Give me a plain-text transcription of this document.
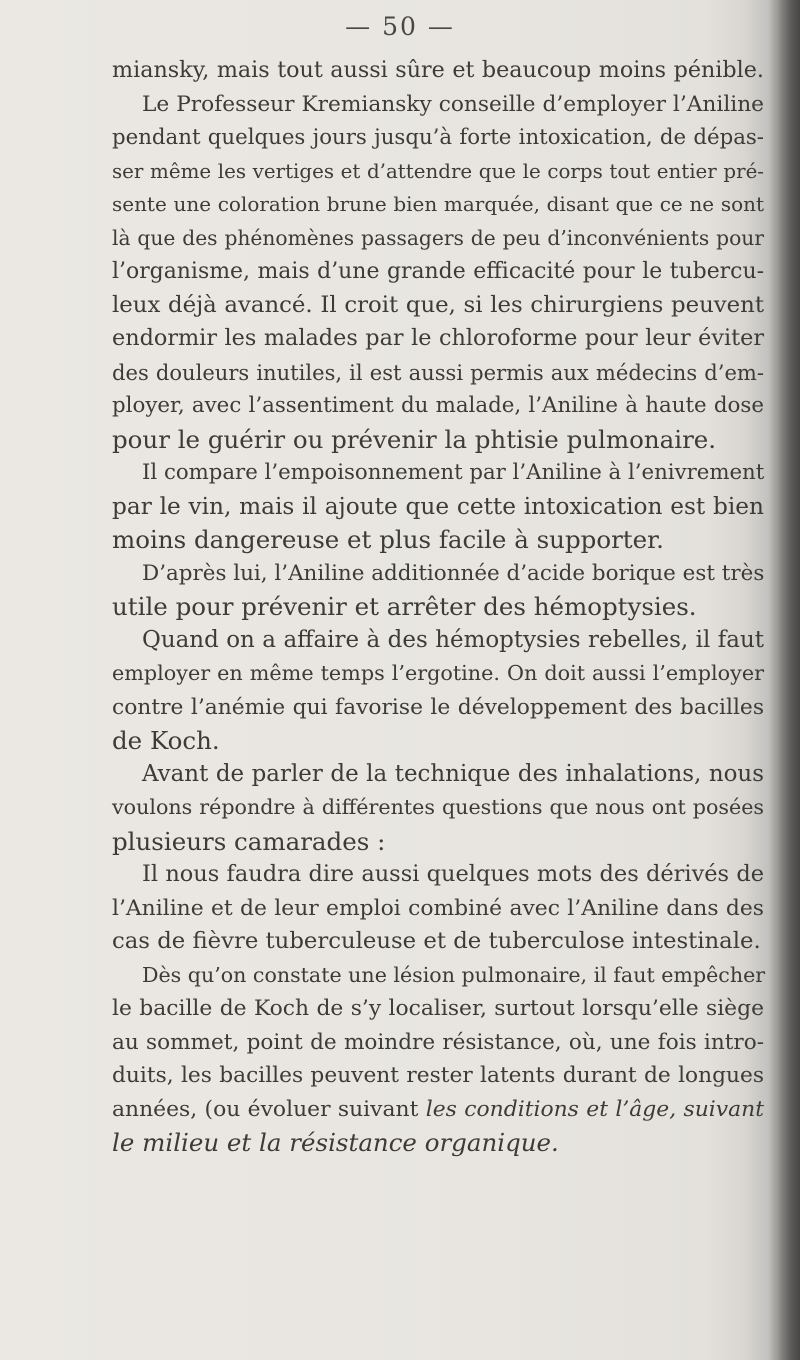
— 50 —
miansky, mais tout aussi sûre et beaucoup moins pénible.
Le Professeur Kremiansky conseille d’employer l’Aniline
pendant quelques jours jusqu’à forte intoxication, de dépas-
ser même les vertiges et d’attendre que le corps tout entier pré-
sente une coloration brune bien marquée, disant que ce ne sont
là que des phénomènes passagers de peu d’inconvénients pour
l’organisme, mais d’une grande efficacité pour le tubercu-
leux déjà avancé. Il croit que, si les chirurgiens peuvent
endormir les malades par le chloroforme pour leur éviter
des douleurs inutiles, il est aussi permis aux médecins d’em-
ployer, avec l’assentiment du malade, l’Aniline à haute dose
pour le guérir ou prévenir la phtisie pulmonaire.
Il compare l’empoisonnement par l’Aniline à l’enivrement
par le vin, mais il ajoute que cette intoxication est bien
moins dangereuse et plus facile à supporter.
D’après lui, l’Aniline additionnée d’acide borique est très
utile pour prévenir et arrêter des hémoptysies.
Quand on a affaire à des hémoptysies rebelles, il faut
employer en même temps l’ergotine. On doit aussi l’employer
contre l’anémie qui favorise le développement des bacilles
de Koch.
Avant de parler de la technique des inhalations, nous
voulons répondre à différentes questions que nous ont posées
plusieurs camarades :
Il nous faudra dire aussi quelques mots des dérivés de
l’Aniline et de leur emploi combiné avec l’Aniline dans des
cas de fièvre tuberculeuse et de tuberculose intestinale.
Dès qu’on constate une lésion pulmonaire, il faut empêcher
le bacille de Koch de s’y localiser, surtout lorsqu’elle siège
au sommet, point de moindre résistance, où, une fois intro-
duits, les bacilles peuvent rester latents durant de longues
années, (ou évoluer suivant les conditions et l’âge, suivant
le milieu et la résistance organique.
